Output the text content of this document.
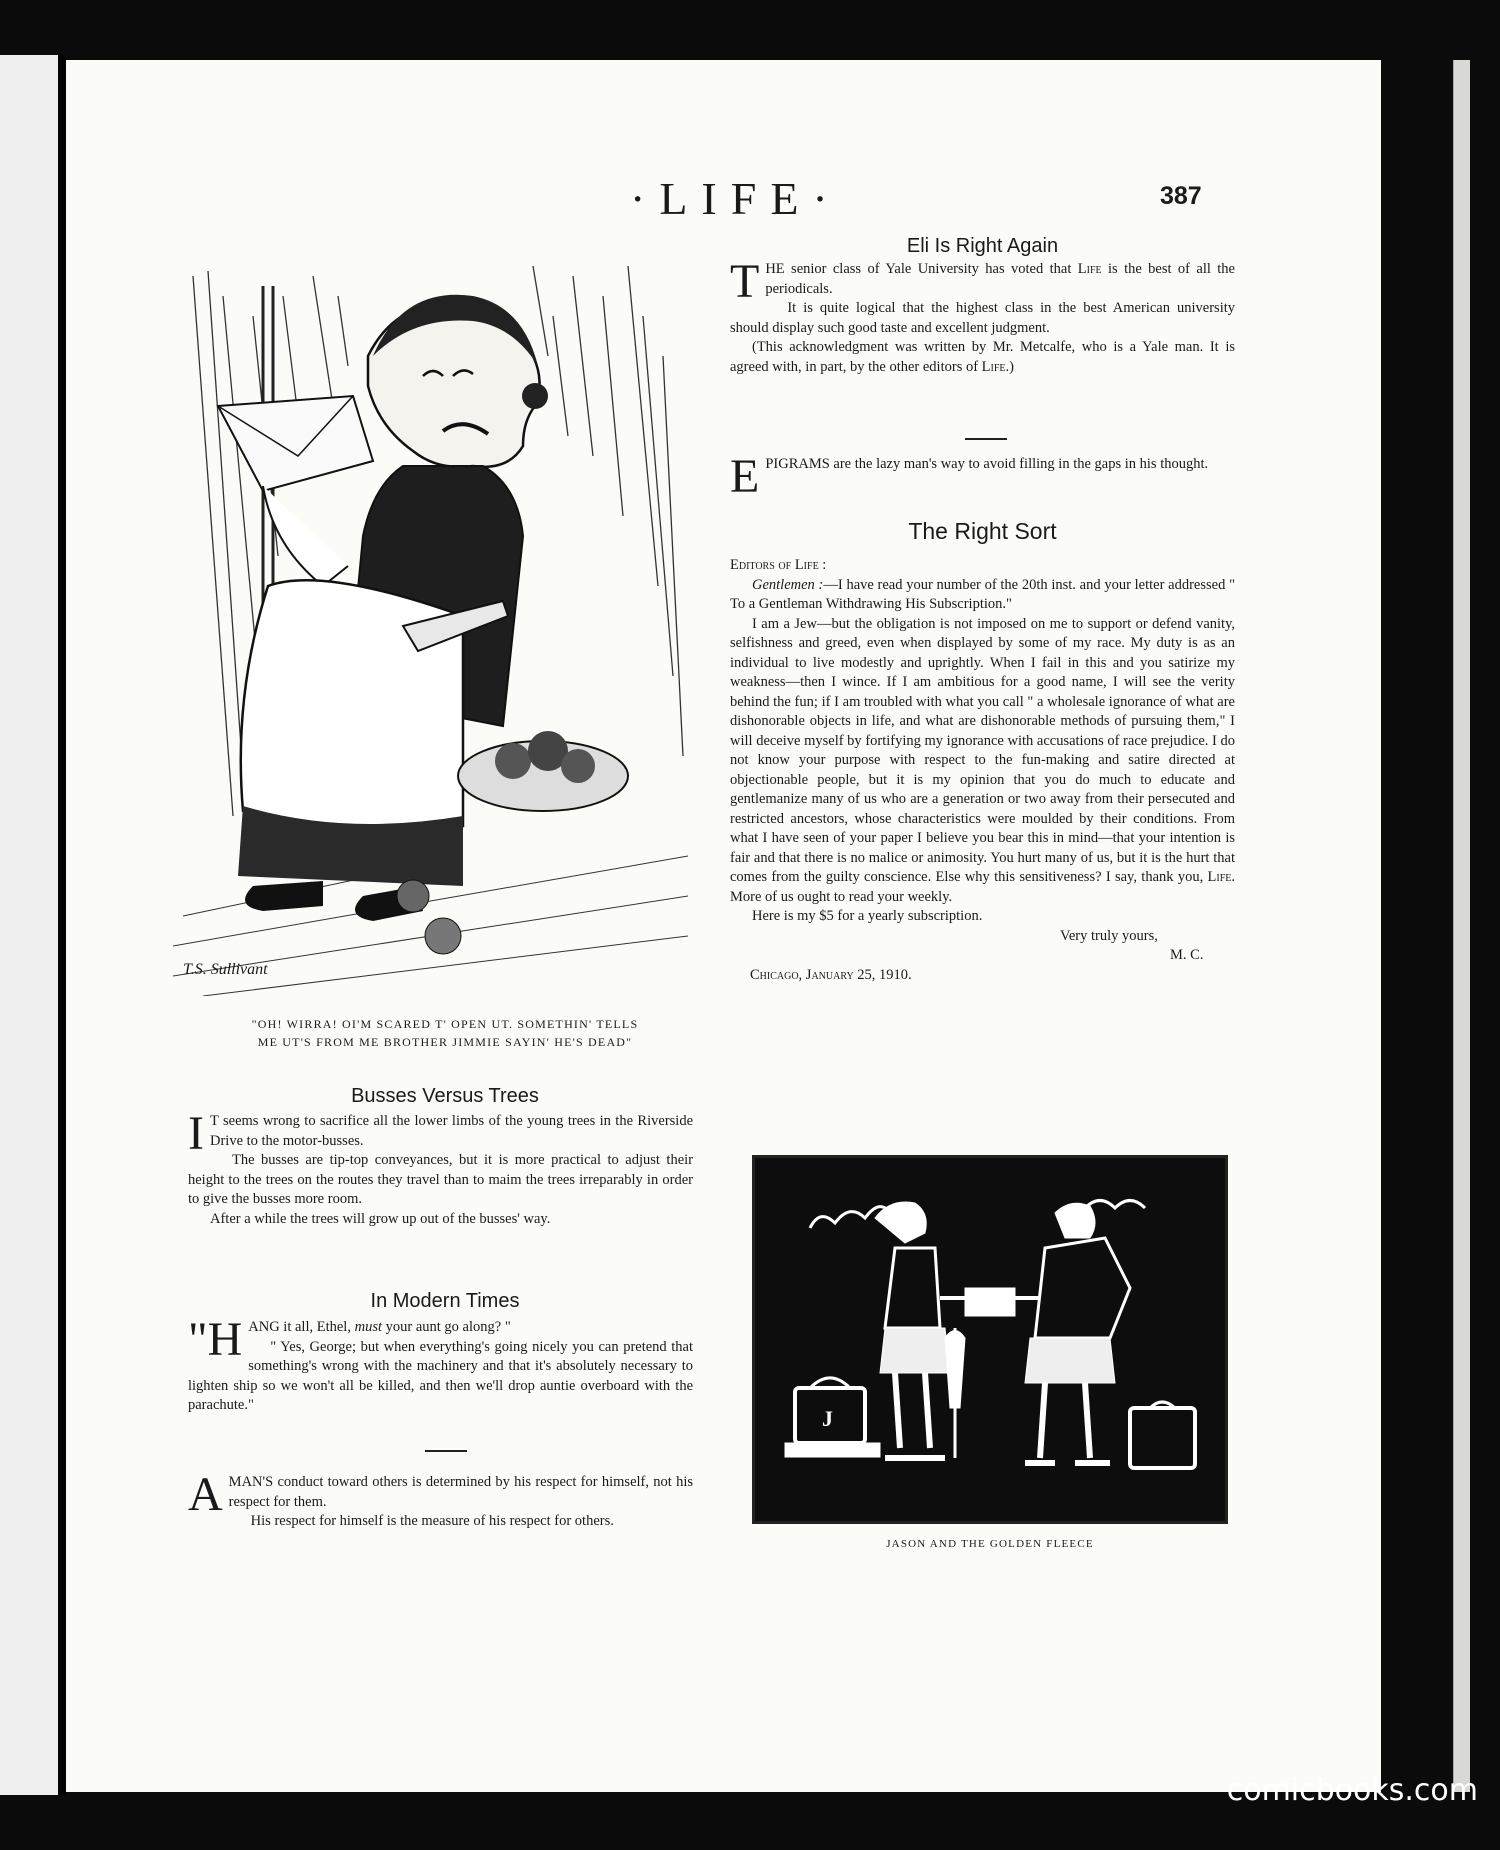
·LIFE·	387
T.S. Sullivant
"OH! WIRRA! OI'M SCARED T' OPEN UT. SOMETHIN' TELLS
ME UT'S FROM ME BROTHER JIMMIE SAYIN' HE'S DEAD"
Busses Versus Trees

I T seems wrong to sacrifice all the lower limbs of the young trees in the Riverside Drive to the motor-busses.

The busses are tip-top conveyances, but it is more practical to adjust their height to the trees on the routes they travel than to maim the trees irreparably in order to give the busses more room.

After a while the trees will grow up out of the busses' way.

In Modern Times

"HANG it all, Ethel, must your aunt go along? "

" Yes, George; but when everything's going nicely you can pretend that something's wrong with the machinery and that it's absolutely necessary to lighten ship so we won't all be killed, and then we'll drop auntie overboard with the parachute."

AMAN'S conduct toward others is determined by his respect for himself, not his respect for them.

His respect for himself is the measure of his respect for others.

Eli Is Right Again

THE senior class of Yale University has voted that Life is the best of all the periodicals.

It is quite logical that the highest class in the best American university should display such good taste and excellent judgment.

(This acknowledgment was written by Mr. Metcalfe, who is a Yale man. It is agreed with, in part, by the other editors of Life.)

EPIGRAMS are the lazy man's way to avoid filling in the gaps in his thought.

The Right Sort

Editors of Life :

Gentlemen :—I have read your number of the 20th inst. and your letter addressed " To a Gentleman Withdrawing His Subscription."

I am a Jew—but the obligation is not imposed on me to support or defend vanity, selfishness and greed, even when displayed by some of my race. My duty is as an individual to live modestly and uprightly. When I fail in this and you satirize my weakness—then I wince. If I am ambitious for a good name, I will see the verity behind the fun; if I am troubled with what you call " a wholesale ignorance of what are dishonorable objects in life, and what are dishonorable methods of pursuing them," I will deceive myself by fortifying my ignorance with accusations of race prejudice. I do not know your purpose with respect to the fun-making and satire directed at objectionable people, but it is my opinion that you do much to educate and gentlemanize many of us who are a generation or two away from their persecuted and restricted ancestors, whose characteristics were moulded by their conditions. From what I have seen of your paper I believe you bear this in mind—that your intention is fair and that there is no malice or animosity. You hurt many of us, but it is the hurt that comes from the guilty conscience. Else why this sensitiveness? I say, thank you, Life. More of us ought to read your weekly.

Here is my $5 for a yearly subscription.

Very truly yours,

M. C.

Chicago, January 25, 1910.

J
JASON AND THE GOLDEN FLEECE
comicbooks.com
